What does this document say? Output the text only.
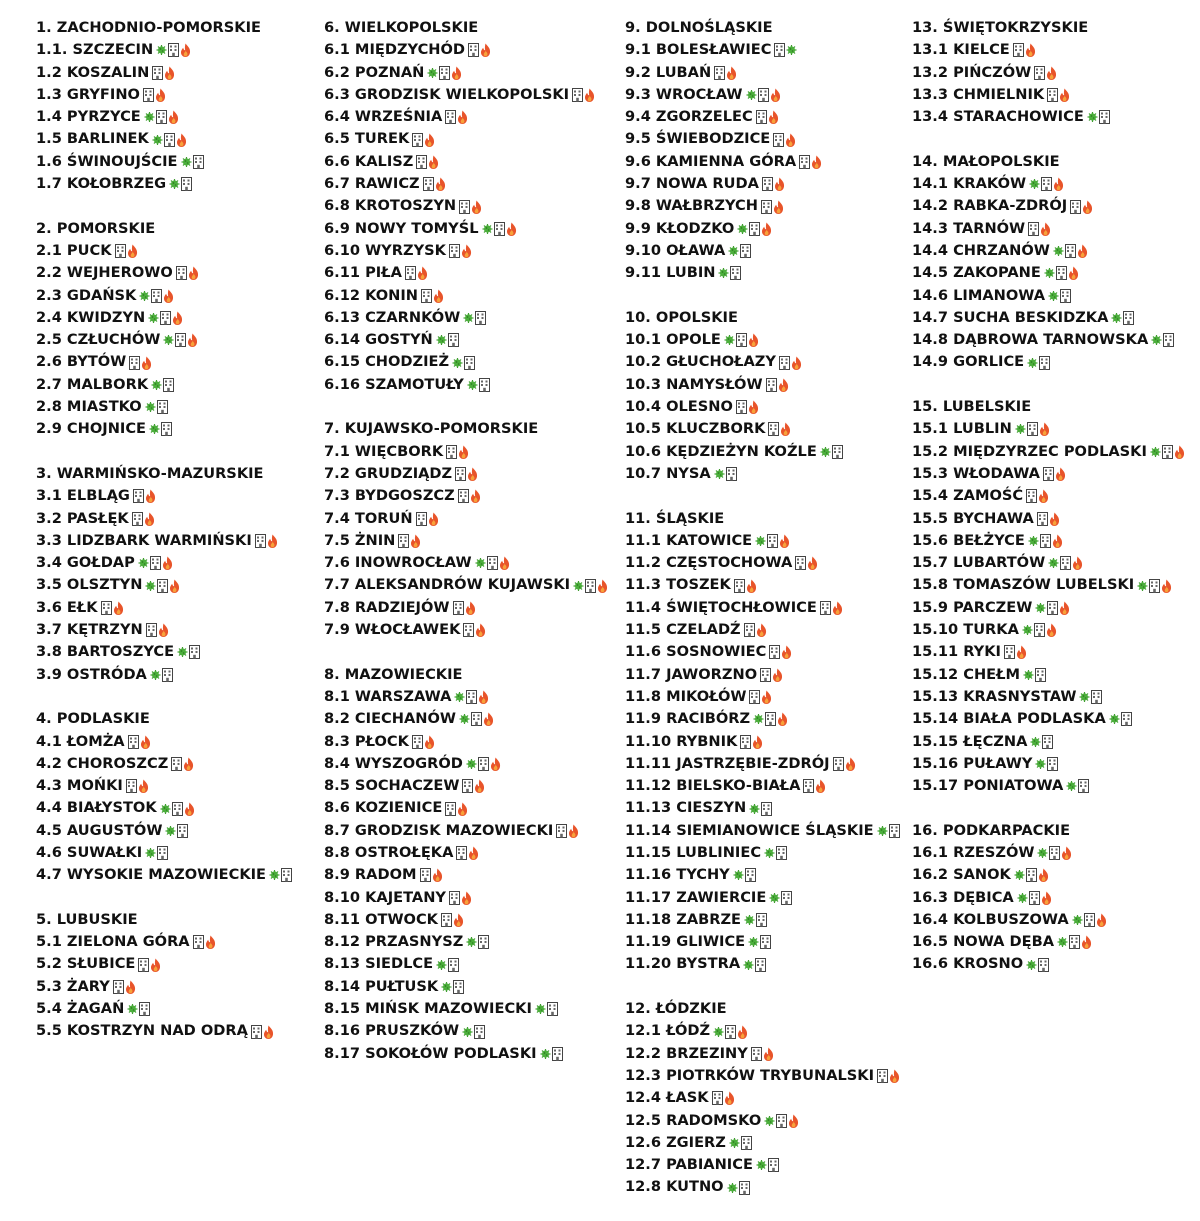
1. ZACHODNIO-POMORSKIE
1.1. SZCZECIN
1.2 KOSZALIN
1.3 GRYFINO
1.4 PYRZYCE
1.5 BARLINEK
1.6 ŚWINOUJŚCIE
1.7 KOŁOBRZEG
2. POMORSKIE
2.1 PUCK
2.2 WEJHEROWO
2.3 GDAŃSK
2.4 KWIDZYN
2.5 CZŁUCHÓW
2.6 BYTÓW
2.7 MALBORK
2.8 MIASTKO
2.9 CHOJNICE
3. WARMIŃSKO-MAZURSKIE
3.1 ELBLĄG
3.2 PASŁĘK
3.3 LIDZBARK WARMIŃSKI
3.4 GOŁDAP
3.5 OLSZTYN
3.6 EŁK
3.7 KĘTRZYN
3.8 BARTOSZYCE
3.9 OSTRÓDA
4. PODLASKIE
4.1 ŁOMŻA
4.2 CHOROSZCZ
4.3 MOŃKI
4.4 BIAŁYSTOK
4.5 AUGUSTÓW
4.6 SUWAŁKI
4.7 WYSOKIE MAZOWIECKIE
5. LUBUSKIE
5.1 ZIELONA GÓRA
5.2 SŁUBICE
5.3 ŻARY
5.4 ŻAGAŃ
5.5 KOSTRZYN NAD ODRĄ
6. WIELKOPOLSKIE
6.1 MIĘDZYCHÓD
6.2 POZNAŃ
6.3 GRODZISK WIELKOPOLSKI
6.4 WRZEŚNIA
6.5 TUREK
6.6 KALISZ
6.7 RAWICZ
6.8 KROTOSZYN
6.9 NOWY TOMYŚL
6.10 WYRZYSK
6.11 PIŁA
6.12 KONIN
6.13 CZARNKÓW
6.14 GOSTYŃ
6.15 CHODZIEŻ
6.16 SZAMOTUŁY
7. KUJAWSKO-POMORSKIE
7.1 WIĘCBORK
7.2 GRUDZIĄDZ
7.3 BYDGOSZCZ
7.4 TORUŃ
7.5 ŻNIN
7.6 INOWROCŁAW
7.7 ALEKSANDRÓW KUJAWSKI
7.8 RADZIEJÓW
7.9 WŁOCŁAWEK
8. MAZOWIECKIE
8.1 WARSZAWA
8.2 CIECHANÓW
8.3 PŁOCK
8.4 WYSZOGRÓD
8.5 SOCHACZEW
8.6 KOZIENICE
8.7 GRODZISK MAZOWIECKI
8.8 OSTROŁĘKA
8.9 RADOM
8.10 KAJETANY
8.11 OTWOCK
8.12 PRZASNYSZ
8.13 SIEDLCE
8.14 PUŁTUSK
8.15 MIŃSK MAZOWIECKI
8.16 PRUSZKÓW
8.17 SOKOŁÓW PODLASKI
9. DOLNOŚLĄSKIE
9.1 BOLESŁAWIEC
9.2 LUBAŃ
9.3 WROCŁAW
9.4 ZGORZELEC
9.5 ŚWIEBODZICE
9.6 KAMIENNA GÓRA
9.7 NOWA RUDA
9.8 WAŁBRZYCH
9.9 KŁODZKO
9.10 OŁAWA
9.11 LUBIN
10. OPOLSKIE
10.1 OPOLE
10.2 GŁUCHOŁAZY
10.3 NAMYSŁÓW
10.4 OLESNO
10.5 KLUCZBORK
10.6 KĘDZIEŻYN KOŹLE
10.7 NYSA
11. ŚLĄSKIE
11.1 KATOWICE
11.2 CZĘSTOCHOWA
11.3 TOSZEK
11.4 ŚWIĘTOCHŁOWICE
11.5 CZELADŹ
11.6 SOSNOWIEC
11.7 JAWORZNO
11.8 MIKOŁÓW
11.9 RACIBÓRZ
11.10 RYBNIK
11.11 JASTRZĘBIE-ZDRÓJ
11.12 BIELSKO-BIAŁA
11.13 CIESZYN
11.14 SIEMIANOWICE ŚLĄSKIE
11.15 LUBLINIEC
11.16 TYCHY
11.17 ZAWIERCIE
11.18 ZABRZE
11.19 GLIWICE
11.20 BYSTRA
12. ŁÓDZKIE
12.1 ŁÓDŹ
12.2 BRZEZINY
12.3 PIOTRKÓW TRYBUNALSKI
12.4 ŁASK
12.5 RADOMSKO
12.6 ZGIERZ
12.7 PABIANICE
12.8 KUTNO
13. ŚWIĘTOKRZYSKIE
13.1 KIELCE
13.2 PIŃCZÓW
13.3 CHMIELNIK
13.4 STARACHOWICE
14. MAŁOPOLSKIE
14.1 KRAKÓW
14.2 RABKA-ZDRÓJ
14.3 TARNÓW
14.4 CHRZANÓW
14.5 ZAKOPANE
14.6 LIMANOWA
14.7 SUCHA BESKIDZKA
14.8 DĄBROWA TARNOWSKA
14.9 GORLICE
15. LUBELSKIE
15.1 LUBLIN
15.2 MIĘDZYRZEC PODLASKI
15.3 WŁODAWA
15.4 ZAMOŚĆ
15.5 BYCHAWA
15.6 BEŁŻYCE
15.7 LUBARTÓW
15.8 TOMASZÓW LUBELSKI
15.9 PARCZEW
15.10 TURKA
15.11 RYKI
15.12 CHEŁM
15.13 KRASNYSTAW
15.14 BIAŁA PODLASKA
15.15 ŁĘCZNA
15.16 PUŁAWY
15.17 PONIATOWA
16. PODKARPACKIE
16.1 RZESZÓW
16.2 SANOK
16.3 DĘBICA
16.4 KOLBUSZOWA
16.5 NOWA DĘBA
16.6 KROSNO
